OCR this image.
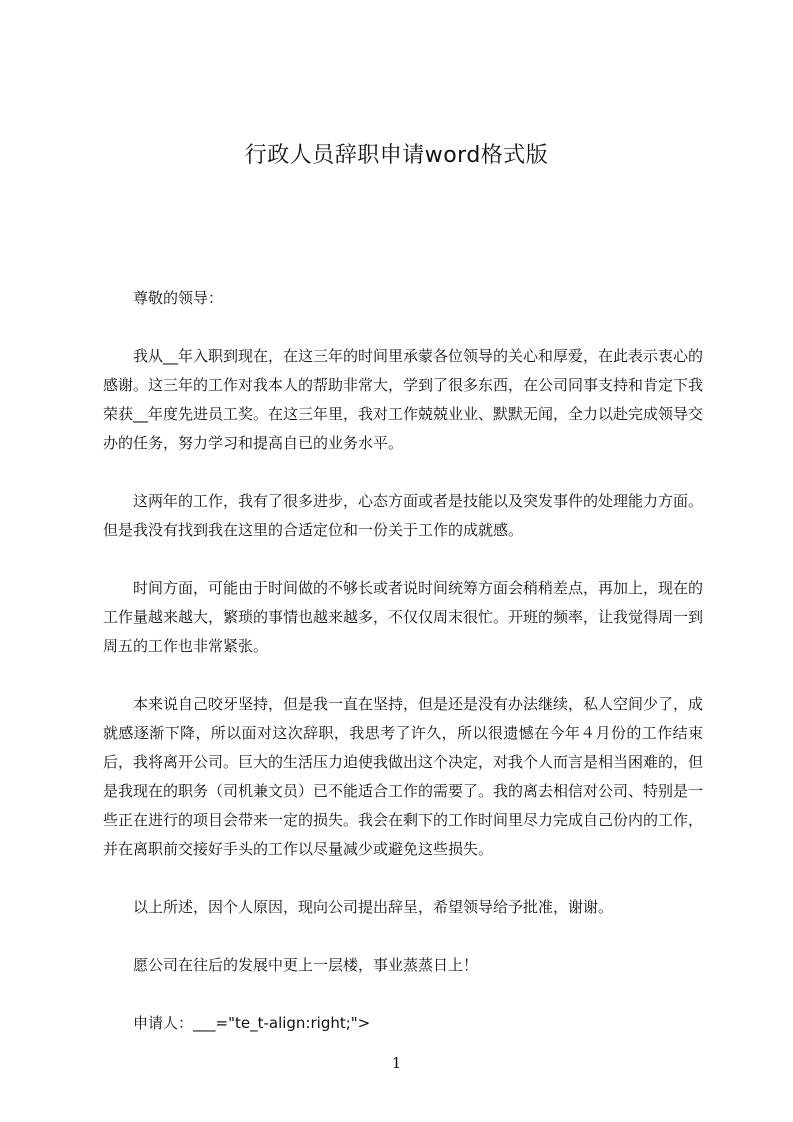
行政人员辞职申请word格式版

尊敬的领导：

我从__年入职到现在，在这三年的时间里承蒙各位领导的关心和厚爱，在此表示衷心的感谢。这三年的工作对我本人的帮助非常大，学到了很多东西，在公司同事支持和肯定下我荣获__年度先进员工奖。在这三年里，我对工作兢兢业业、默默无闻，全力以赴完成领导交办的任务，努力学习和提高自已的业务水平。

这两年的工作，我有了很多进步，心态方面或者是技能以及突发事件的处理能力方面。但是我没有找到我在这里的合适定位和一份关于工作的成就感。

时间方面，可能由于时间做的不够长或者说时间统筹方面会稍稍差点，再加上，现在的工作量越来越大，繁琐的事情也越来越多，不仅仅周末很忙。开班的频率，让我觉得周一到周五的工作也非常紧张。

本来说自己咬牙坚持，但是我一直在坚持，但是还是没有办法继续，私人空间少了，成就感逐渐下降，所以面对这次辞职，我思考了许久，所以很遗憾在今年４月份的工作结束后，我将离开公司。巨大的生活压力迫使我做出这个决定，对我个人而言是相当困难的，但是我现在的职务（司机兼文员）已不能适合工作的需要了。我的离去相信对公司、特别是一些正在进行的项目会带来一定的损失。我会在剩下的工作时间里尽力完成自己份内的工作，并在离职前交接好手头的工作以尽量减少或避免这些损失。

以上所述，因个人原因，现向公司提出辞呈，希望领导给予批准，谢谢。

愿公司在往后的发展中更上一层楼，事业蒸蒸日上！

申请人：___="te_t-align:right;">

1
